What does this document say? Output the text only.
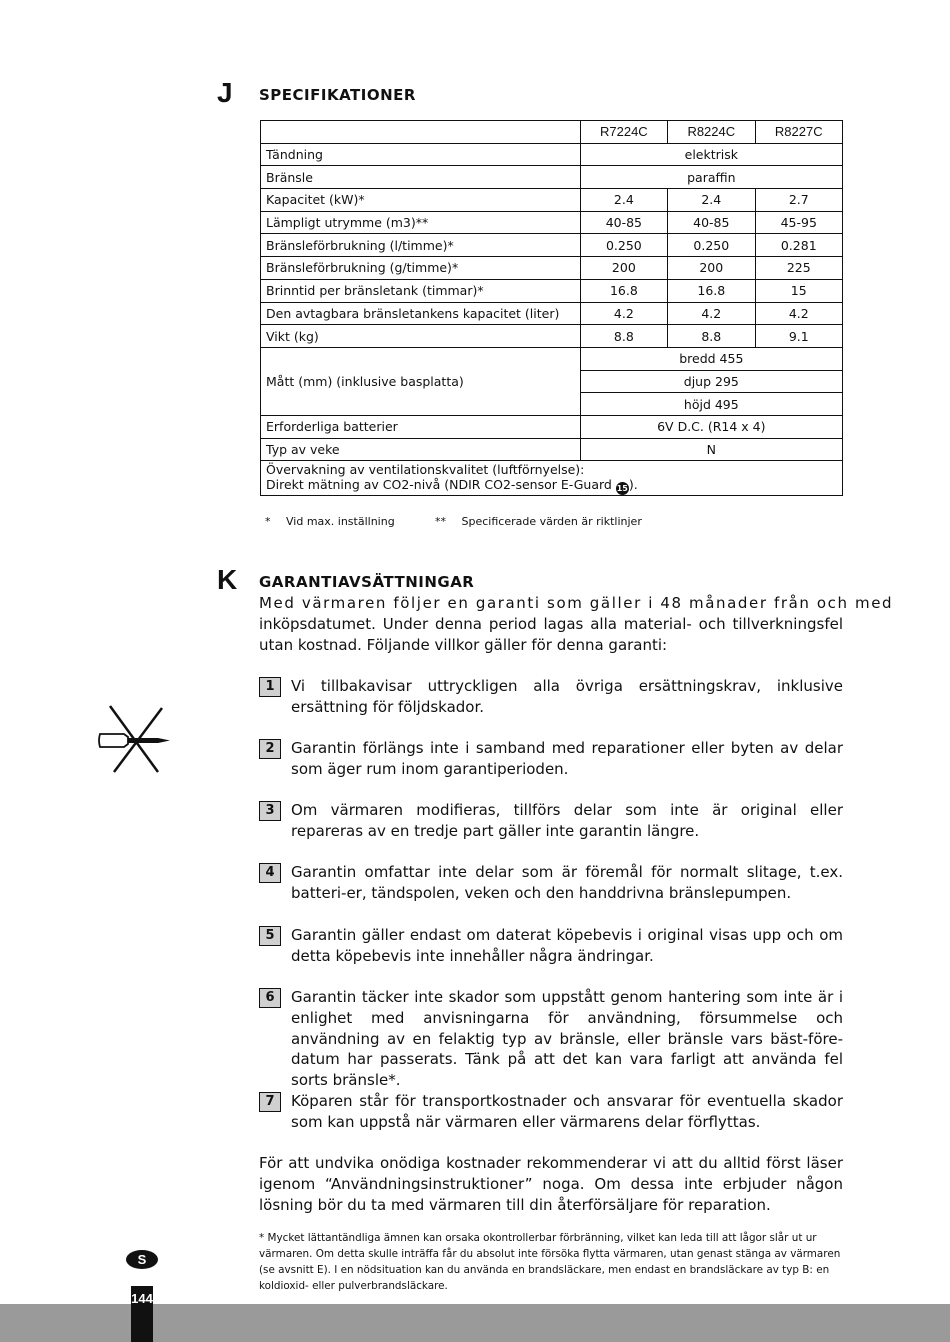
J SPECIFIKATIONER
	R7224C	R8224C	R8227C
Tändning	elektrisk		
Bränsle	paraffin		
Kapacitet (kW)*	2.4	2.4	2.7
Lämpligt utrymme (m3)**	40-85	40-85	45-95
Bränsleförbrukning (l/timme)*	0.250	0.250	0.281
Bränsleförbrukning (g/timme)*	200	200	225
Brinntid per bränsletank (timmar)*	16.8	16.8	15
Den avtagbara bränsletankens kapacitet (liter)	4.2	4.2	4.2
Vikt (kg)	8.8	8.8	9.1
Mått (mm) (inklusive basplatta)	bredd 455		
	djup 295		
	höjd 495		
Erforderliga batterier	6V D.C. (R14 x 4)		
Typ av veke	N		

Övervakning av ventilationskvalitet (luftförnyelse):
Direkt mätning av CO2-nivå (NDIR CO2-sensor E-Guard 15).			
* Vid max. inställning	** Specificerade värden är riktlinjer
K GARANTIAVSÄTTNINGAR
Med värmaren följer en garanti som gäller i 48 månader från och med
inköpsdatumet. Under denna period lagas alla material- och tillverkningsfel utan kostnad. Följande villkor gäller för denna garanti:
1	Vi tillbakavisar uttryckligen alla övriga ersättningskrav, inklusive ersättning för följdskador.
2	Garantin förlängs inte i samband med reparationer eller byten av delar som äger rum inom garantiperioden.
3	Om värmaren modifieras, tillförs delar som inte är original eller repareras av en tredje part gäller inte garantin längre.
4	Garantin omfattar inte delar som är föremål för normalt slitage, t.ex. batteri-er, tändspolen, veken och den handdrivna bränslepumpen.
5	Garantin gäller endast om daterat köpebevis i original visas upp och om detta köpebevis inte innehåller några ändringar.
6	Garantin täcker inte skador som uppstått genom hantering som inte är i enlighet med anvisningarna för användning, försummelse och användning av en felaktig typ av bränsle, eller bränsle vars bäst-före-datum har passerats. Tänk på att det kan vara farligt att använda fel sorts bränsle*.
7	Köparen står för transportkostnader och ansvarar för eventuella skador som kan uppstå när värmaren eller värmarens delar förflyttas.
För att undvika onödiga kostnader rekommenderar vi att du alltid först läser igenom “Användningsinstruktioner” noga. Om dessa inte erbjuder någon lösning bör du ta med värmaren till din återförsäljare för reparation.
* Mycket lättantändliga ämnen kan orsaka okontrollerbar förbränning, vilket kan leda till att lågor slår ut ur värmaren. Om detta skulle inträffa får du absolut inte försöka flytta värmaren, utan genast stänga av värmaren (se avsnitt E). I en nödsituation kan du använda en brandsläckare, men endast en brandsläckare av typ B: en koldioxid- eller pulverbrandsläckare.
S
144
